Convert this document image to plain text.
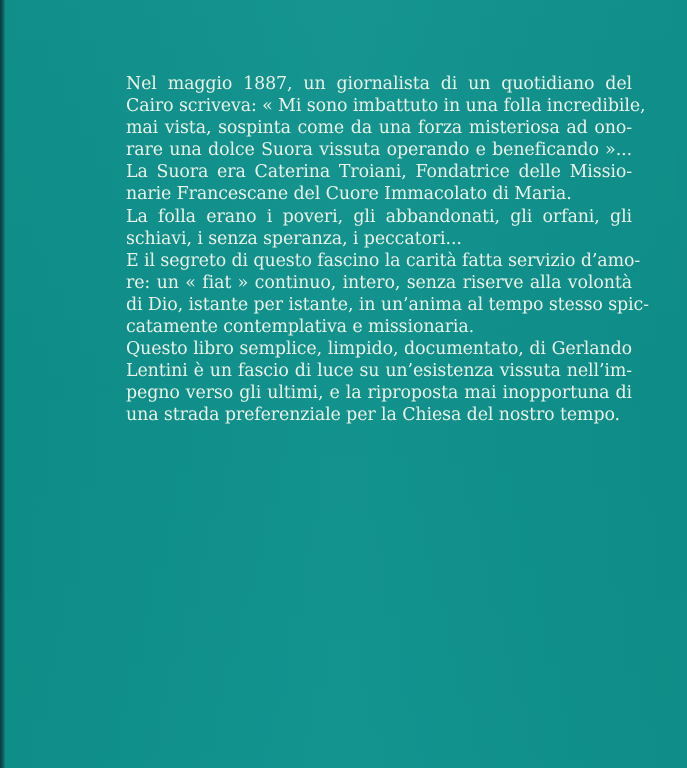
Nel maggio 1887, un giornalista di un quotidiano del
Cairo scriveva: « Mi sono imbattuto in una folla incredibile,
mai vista, sospinta come da una forza misteriosa ad ono-
rare una dolce Suora vissuta operando e beneficando »...
La Suora era Caterina Troiani, Fondatrice delle Missio-
narie Francescane del Cuore Immacolato di Maria.
La folla erano i poveri, gli abbandonati, gli orfani, gli
schiavi, i senza speranza, i peccatori...
E il segreto di questo fascino la carità fatta servizio d’amo-
re: un « fiat » continuo, intero, senza riserve alla volontà
di Dio, istante per istante, in un’anima al tempo stesso spic-
catamente contemplativa e missionaria.
Questo libro semplice, limpido, documentato, di Gerlando
Lentini è un fascio di luce su un’esistenza vissuta nell’im-
pegno verso gli ultimi, e la riproposta mai inopportuna di
una strada preferenziale per la Chiesa del nostro tempo.
